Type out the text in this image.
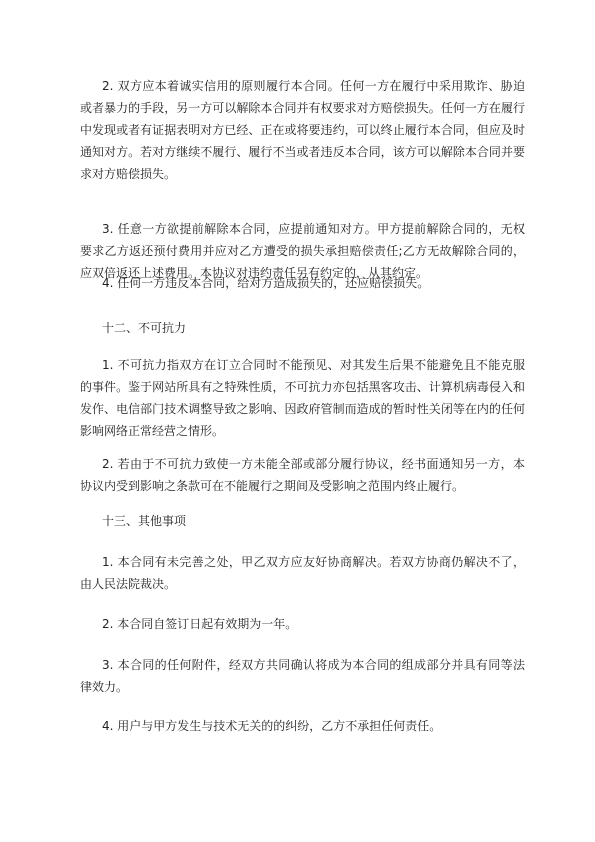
2. 双方应本着诚实信用的原则履行本合同。任何一方在履行中采用欺诈、胁迫或者暴力的手段，另一方可以解除本合同并有权要求对方赔偿损失。任何一方在履行中发现或者有证据表明对方已经、正在或将要违约，可以终止履行本合同，但应及时通知对方。若对方继续不履行、履行不当或者违反本合同，该方可以解除本合同并要求对方赔偿损失。

3. 任意一方欲提前解除本合同，应提前通知对方。甲方提前解除合同的，无权要求乙方返还预付费用并应对乙方遭受的损失承担赔偿责任;乙方无故解除合同的，应双倍返还上述费用。本协议对违约责任另有约定的，从其约定。

4. 任何一方违反本合同，给对方造成损失的，还应赔偿损失。

十二、不可抗力

1. 不可抗力指双方在订立合同时不能预见、对其发生后果不能避免且不能克服的事件。鉴于网站所具有之特殊性质，不可抗力亦包括黑客攻击、计算机病毒侵入和发作、电信部门技术调整导致之影响、因政府管制而造成的暂时性关闭等在内的任何影响网络正常经营之情形。

2. 若由于不可抗力致使一方未能全部或部分履行协议，经书面通知另一方，本协议内受到影响之条款可在不能履行之期间及受影响之范围内终止履行。

十三、其他事项

1. 本合同有未完善之处，甲乙双方应友好协商解决。若双方协商仍解决不了，由人民法院裁决。

2. 本合同自签订日起有效期为一年。

3. 本合同的任何附件，经双方共同确认将成为本合同的组成部分并具有同等法律效力。

4. 用户与甲方发生与技术无关的的纠纷，乙方不承担任何责任。
